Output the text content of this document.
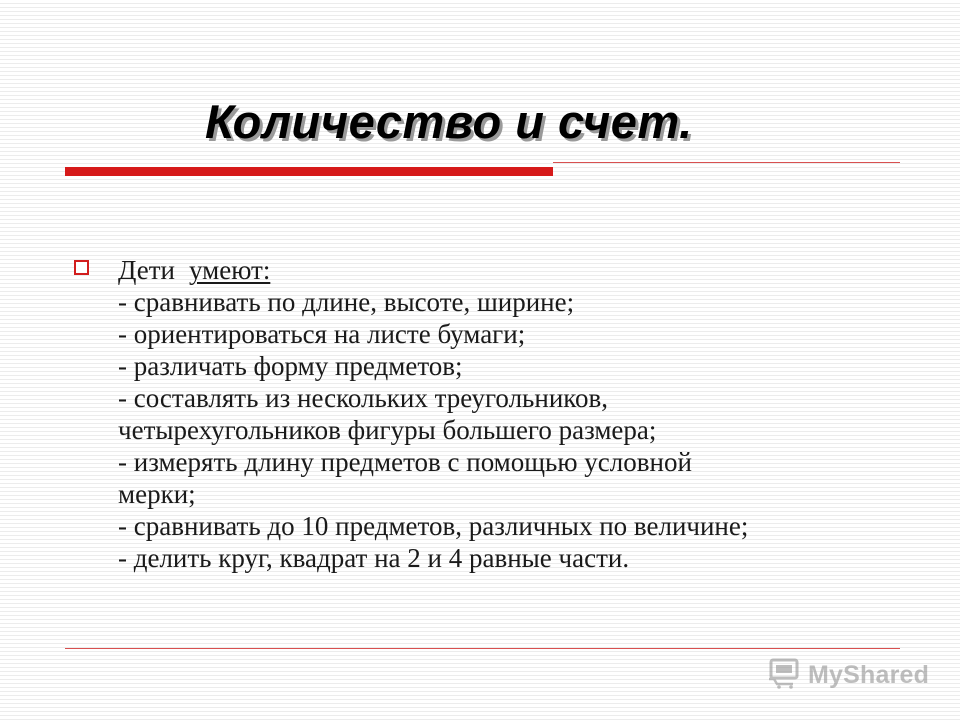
Количество и счет.
Дети умеют:
- сравнивать по длине, высоте, ширине;
- ориентироваться на листе бумаги;
- различать форму предметов;
- составлять из нескольких треугольников,
четырехугольников фигуры большего размера;
- измерять длину предметов с помощью условной
мерки;
- сравнивать до 10 предметов, различных по величине;
- делить круг, квадрат на 2 и 4 равные части.
MyShared
